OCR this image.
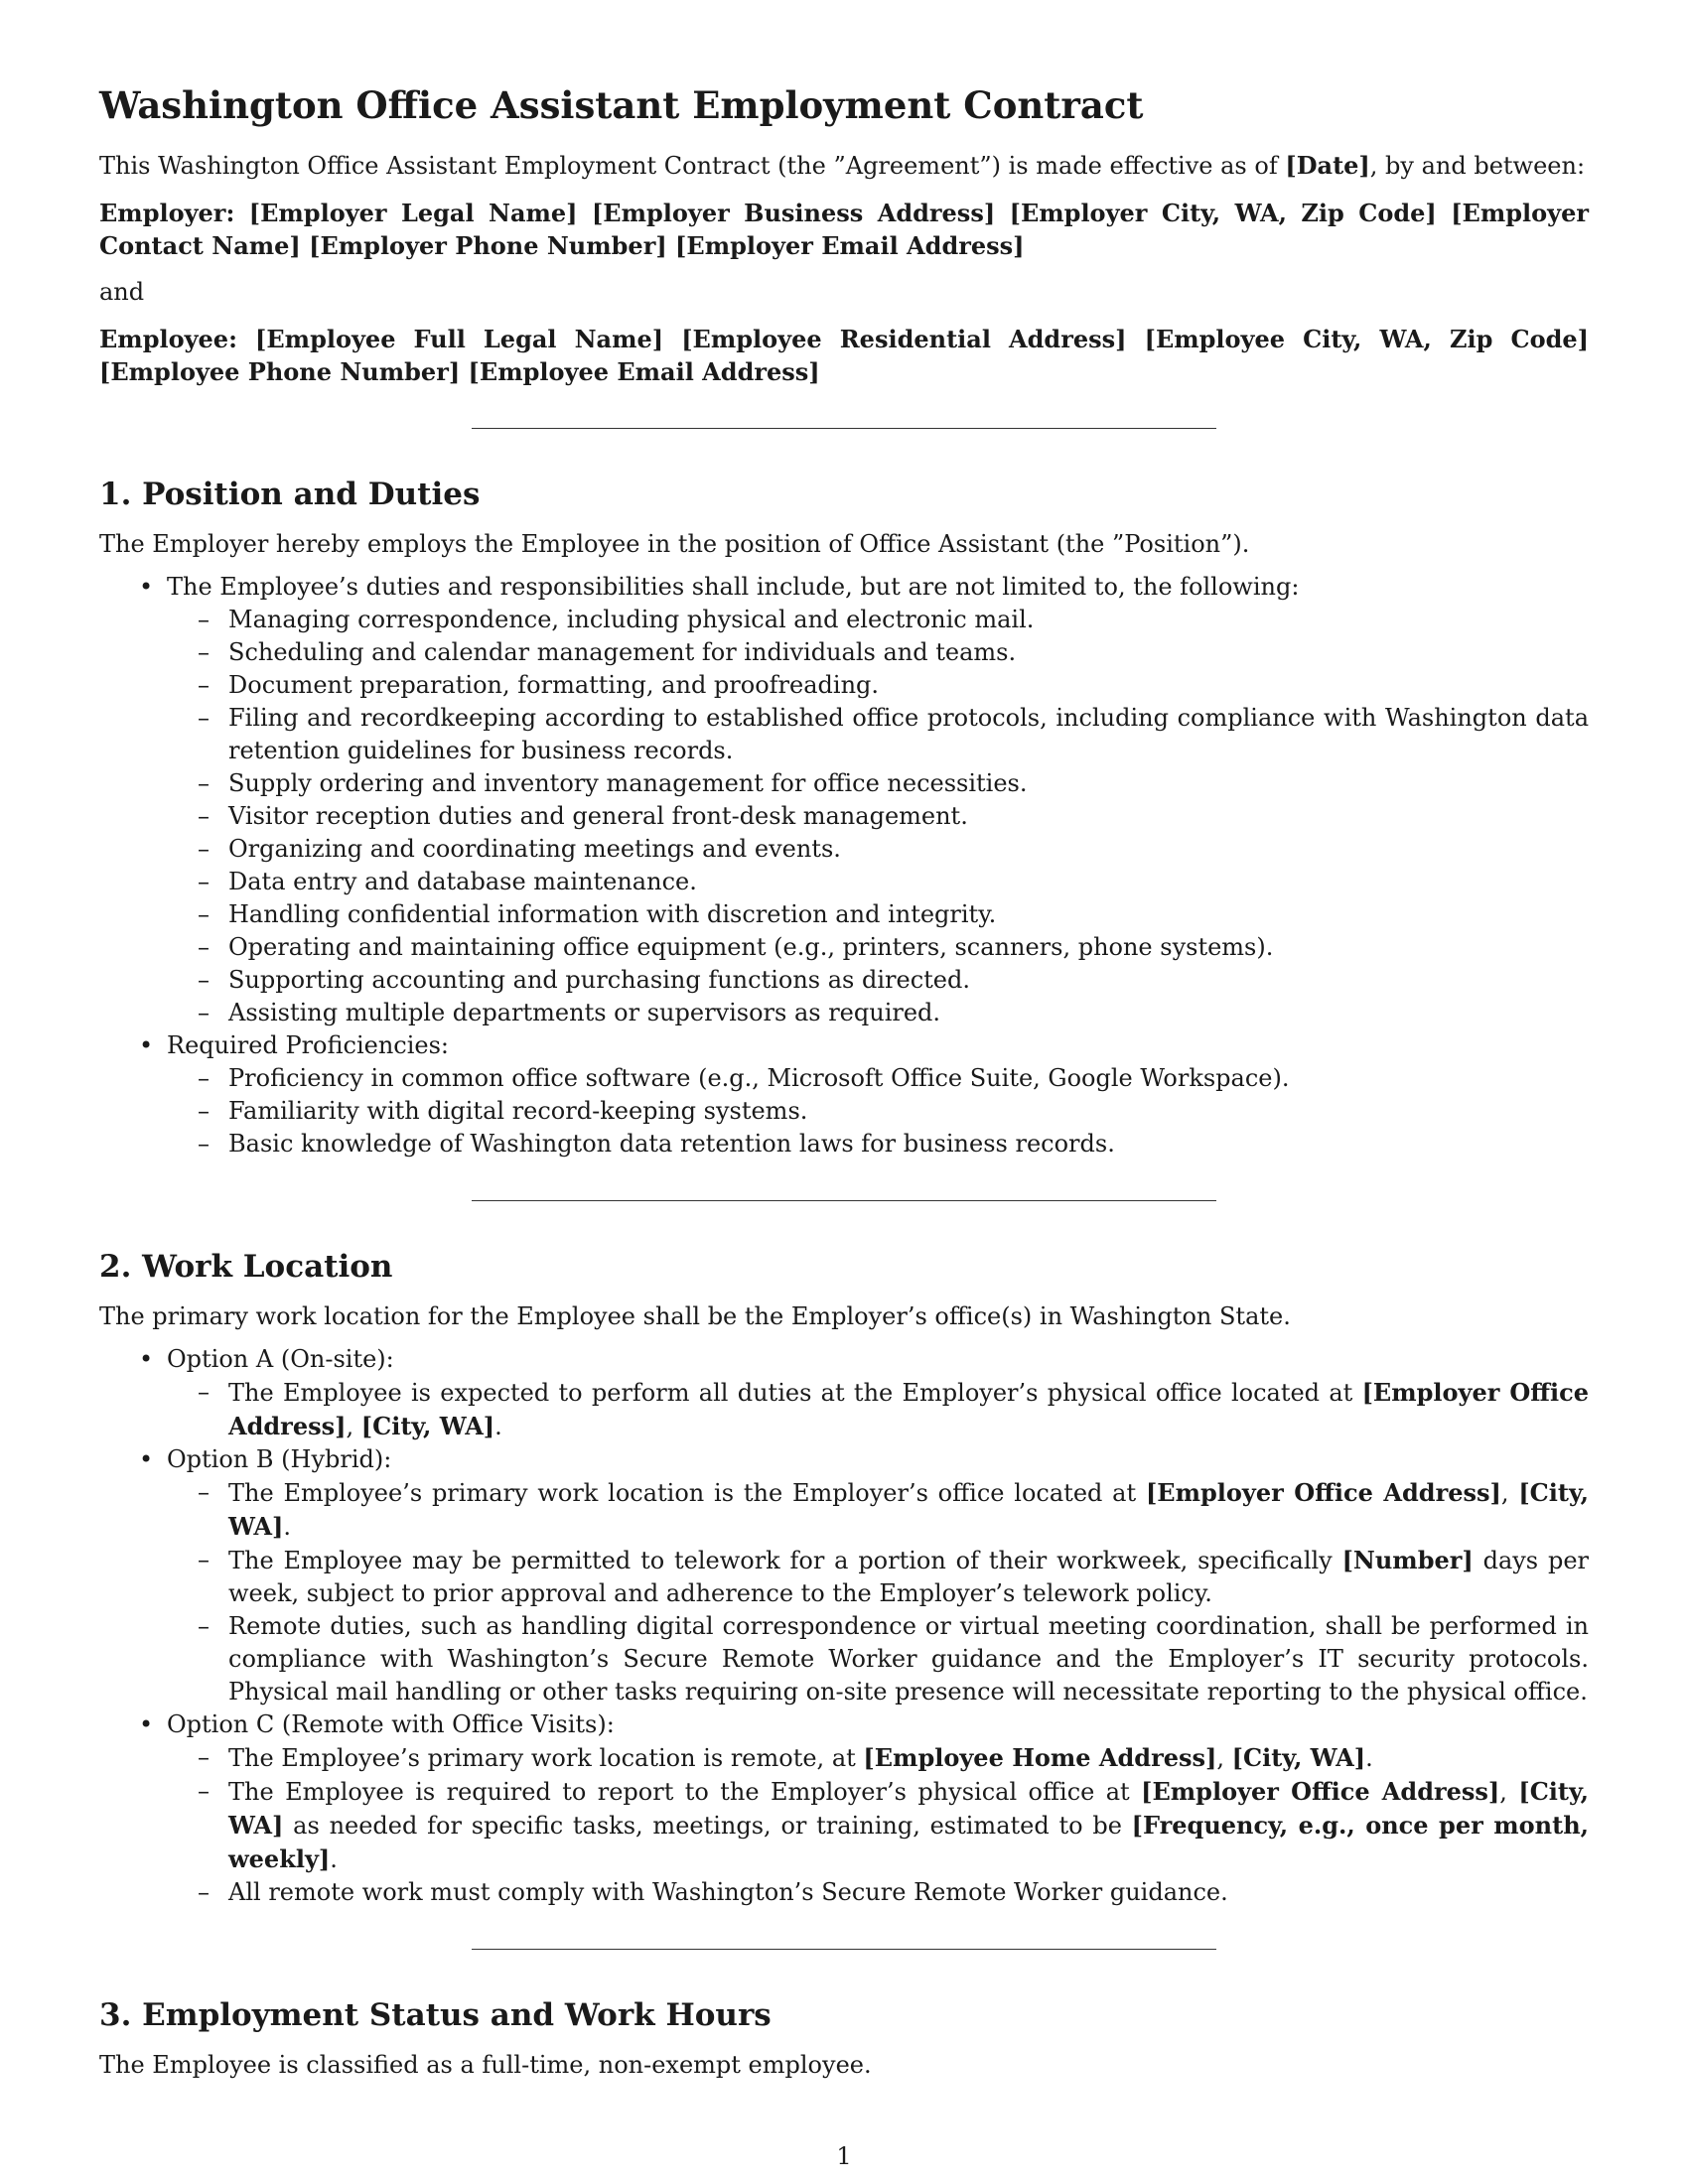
Washington Office Assistant Employment Contract

This Washington Office Assistant Employment Contract (the ”Agreement”) is made effective as of [Date], by and between:

Employer: [Employer Legal Name] [Employer Business Address] [Employer City, WA, Zip Code] [Employer Contact Name] [Employer Phone Number] [Employer Email Address]

and

Employee: [Employee Full Legal Name] [Employee Residential Address] [Employee City, WA, Zip Code] [Employee Phone Number] [Employee Email Address]

1. Position and Duties

The Employer hereby employs the Employee in the position of Office Assistant (the ”Position”).

• The Employee’s duties and responsibilities shall include, but are not limited to, the following:
– Managing correspondence, including physical and electronic mail.
– Scheduling and calendar management for individuals and teams.
– Document preparation, formatting, and proofreading.
– Filing and recordkeeping according to established office protocols, including compliance with Washington data retention guidelines for business records.
– Supply ordering and inventory management for office necessities.
– Visitor reception duties and general front-desk management.
– Organizing and coordinating meetings and events.
– Data entry and database maintenance.
– Handling confidential information with discretion and integrity.
– Operating and maintaining office equipment (e.g., printers, scanners, phone systems).
– Supporting accounting and purchasing functions as directed.
– Assisting multiple departments or supervisors as required.
• Required Proficiencies:
– Proficiency in common office software (e.g., Microsoft Office Suite, Google Workspace).
– Familiarity with digital record-keeping systems.
– Basic knowledge of Washington data retention laws for business records.
2. Work Location

The primary work location for the Employee shall be the Employer’s office(s) in Washington State.

• Option A (On-site):
– The Employee is expected to perform all duties at the Employer’s physical office located at [Employer Office Address], [City, WA].
• Option B (Hybrid):
– The Employee’s primary work location is the Employer’s office located at [Employer Office Address], [City, WA].
– The Employee may be permitted to telework for a portion of their workweek, specifically [Number] days per week, subject to prior approval and adherence to the Employer’s telework policy.
– Remote duties, such as handling digital correspondence or virtual meeting coordination, shall be performed in compliance with Washington’s Secure Remote Worker guidance and the Employer’s IT security protocols. Physical mail handling or other tasks requiring on-site presence will necessitate reporting to the physical office.
• Option C (Remote with Office Visits):
– The Employee’s primary work location is remote, at [Employee Home Address], [City, WA].
– The Employee is required to report to the Employer’s physical office at [Employer Office Address], [City, WA] as needed for specific tasks, meetings, or training, estimated to be [Frequency, e.g., once per month, weekly].
– All remote work must comply with Washington’s Secure Remote Worker guidance.
3. Employment Status and Work Hours

The Employee is classified as a full-time, non-exempt employee.

1
